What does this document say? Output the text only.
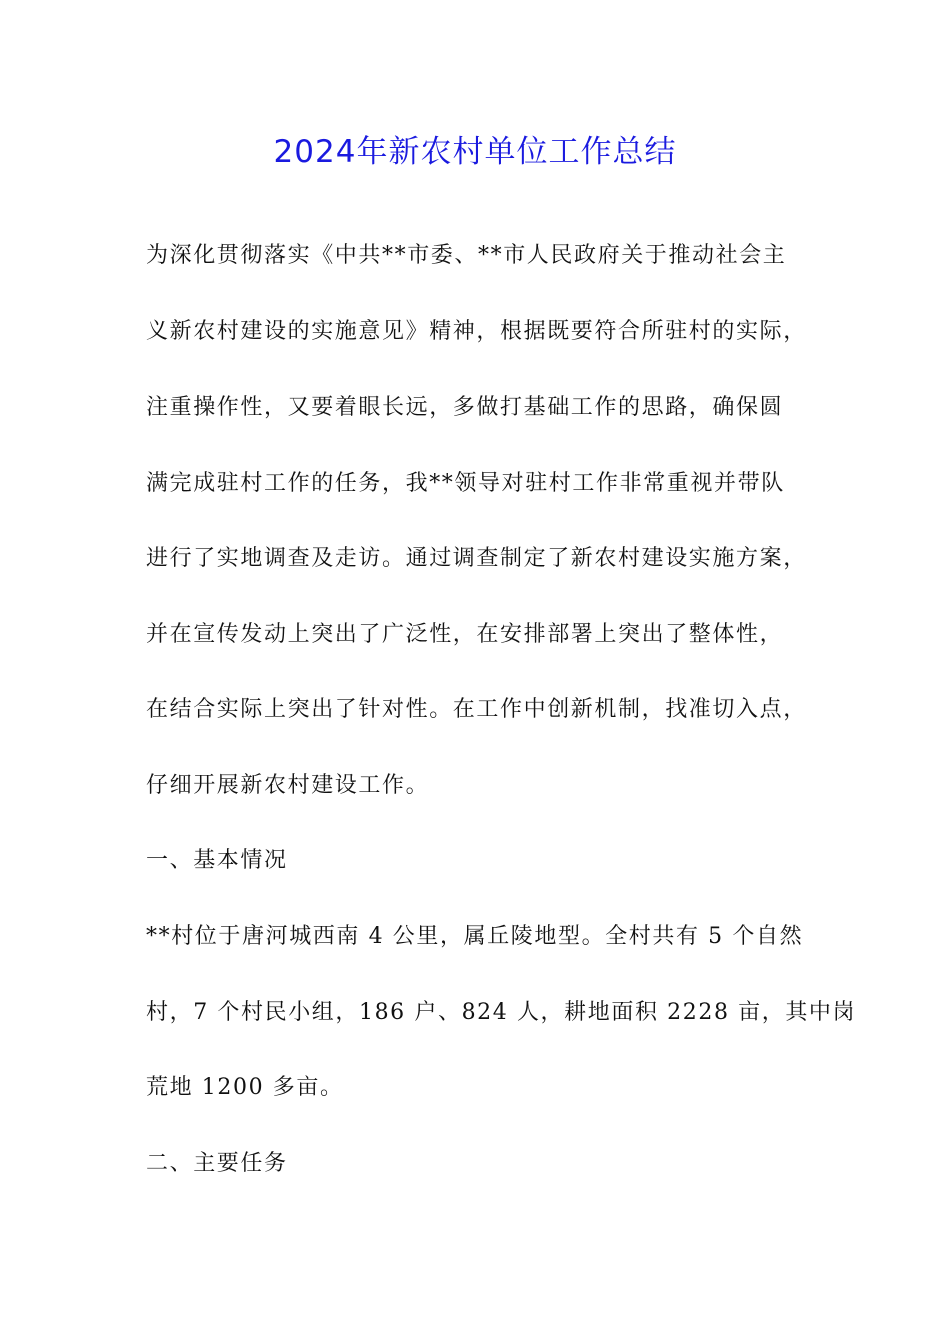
2024年新农村单位工作总结
为深化贯彻落实《中共**市委、**市人民政府关于推动社会主
义新农村建设的实施意见》精神，根据既要符合所驻村的实际，
注重操作性，又要着眼长远，多做打基础工作的思路，确保圆
满完成驻村工作的任务，我**领导对驻村工作非常重视并带队
进行了实地调查及走访。通过调查制定了新农村建设实施方案，
并在宣传发动上突出了广泛性，在安排部署上突出了整体性，
在结合实际上突出了针对性。在工作中创新机制，找准切入点，
仔细开展新农村建设工作。
一、基本情况
**村位于唐河城西南 4 公里，属丘陵地型。全村共有 5 个自然
村，7 个村民小组，186 户、824 人，耕地面积 2228 亩，其中岗
荒地 1200 多亩。
二、主要任务
